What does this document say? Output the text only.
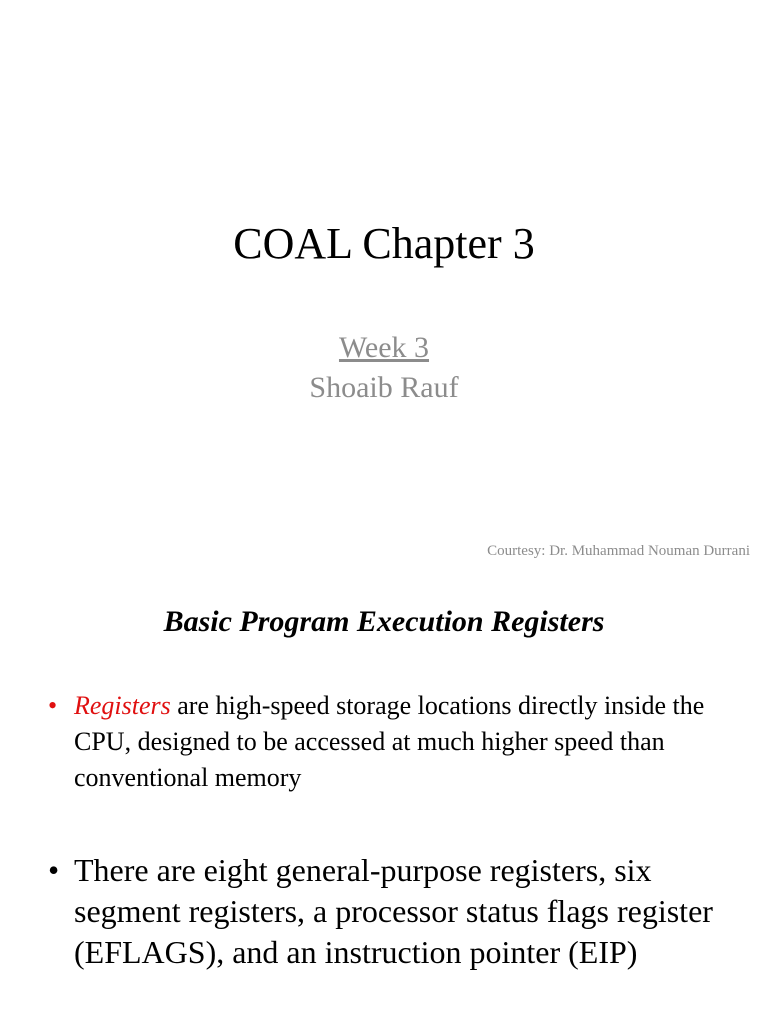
COAL Chapter 3
Week 3
Shoaib Rauf
Courtesy: Dr. Muhammad Nouman Durrani
Basic Program Execution Registers
• Registers are high-speed storage locations directly inside the CPU, designed to be accessed at much higher speed than conventional memory
• There are eight general-purpose registers, six segment registers, a processor status flags register (EFLAGS), and an instruction pointer (EIP)
